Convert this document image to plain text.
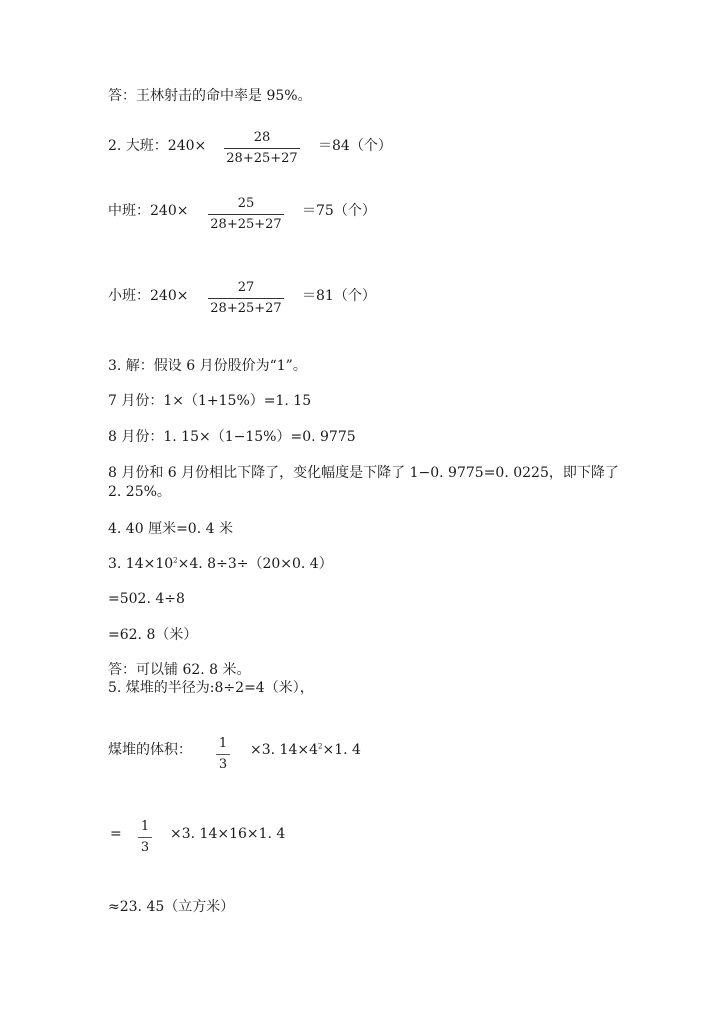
答：王林射击的命中率是 95%。
2. 大班：240×
28
28+25+27
＝84（个）
中班：240×	25
28+25+27
＝75（个）
小班：240×
27
28+25+27
＝81（个）
3. 解：假设 6 月份股价为“1”。
7 月份：1×（1+15%）=1. 15
8 月份：1. 15×（1−15%）=0. 9775
8 月份和 6 月份相比下降了，变化幅度是下降了 1−0. 9775=0. 0225，即下降了
2. 25%。
4. 40 厘米=0. 4 米
3. $14\times 10^2\times 4$. 8÷3÷（20×0. 4）
=502. 4÷8
=62. 8（米）
答：可以铺 62. 8 米。
5. 煤堆的半径为:8÷2=4（米），
煤堆的体积： 1
3
×3. $14\times 4^2\times 1$. 4
= 1
3
×3. 14×16×1. 4
≈23. 45（立方米）
